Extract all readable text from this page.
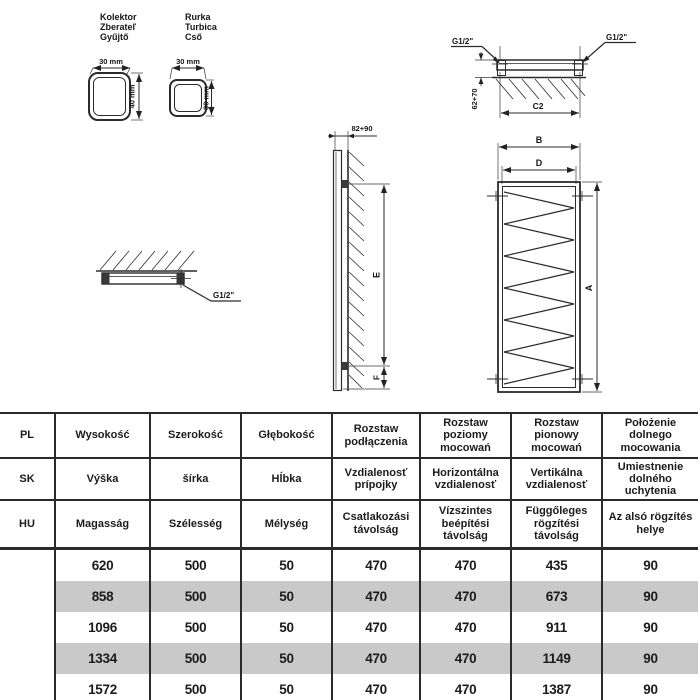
Kolektor
Zberateľ
Gyűjtő
Rurka
Turbica
Cső
30 mm
40 mm
30 mm
30 mm
G1/2"
82+90
E
F
B
D
A
G1/2"	G1/2"
62+70	C2
PL	Wysokość	Szerokość	Głębokość	Rozstaw podłączenia	Rozstaw poziomy mocowań	Rozstaw pionowy mocowań	Położenie dolnego mocowania
SK	Výška	šírka	Hĺbka	Vzdialenosť prípojky	Horizontálna vzdialenosť	Vertikálna vzdialenosť	Umiestnenie dolného uchytenia
HU	Magasság	Szélesség	Mélység	Csatlakozási távolság	Vízszintes beépítési távolság	Függőleges rögzítési távolság	Az alsó rögzítés helye
	620	500	50	470	470	435	90
	858	500	50	470	470	673	90
	1096	500	50	470	470	911	90
	1334	500	50	470	470	1149	90
	1572	500	50	470	470	1387	90
